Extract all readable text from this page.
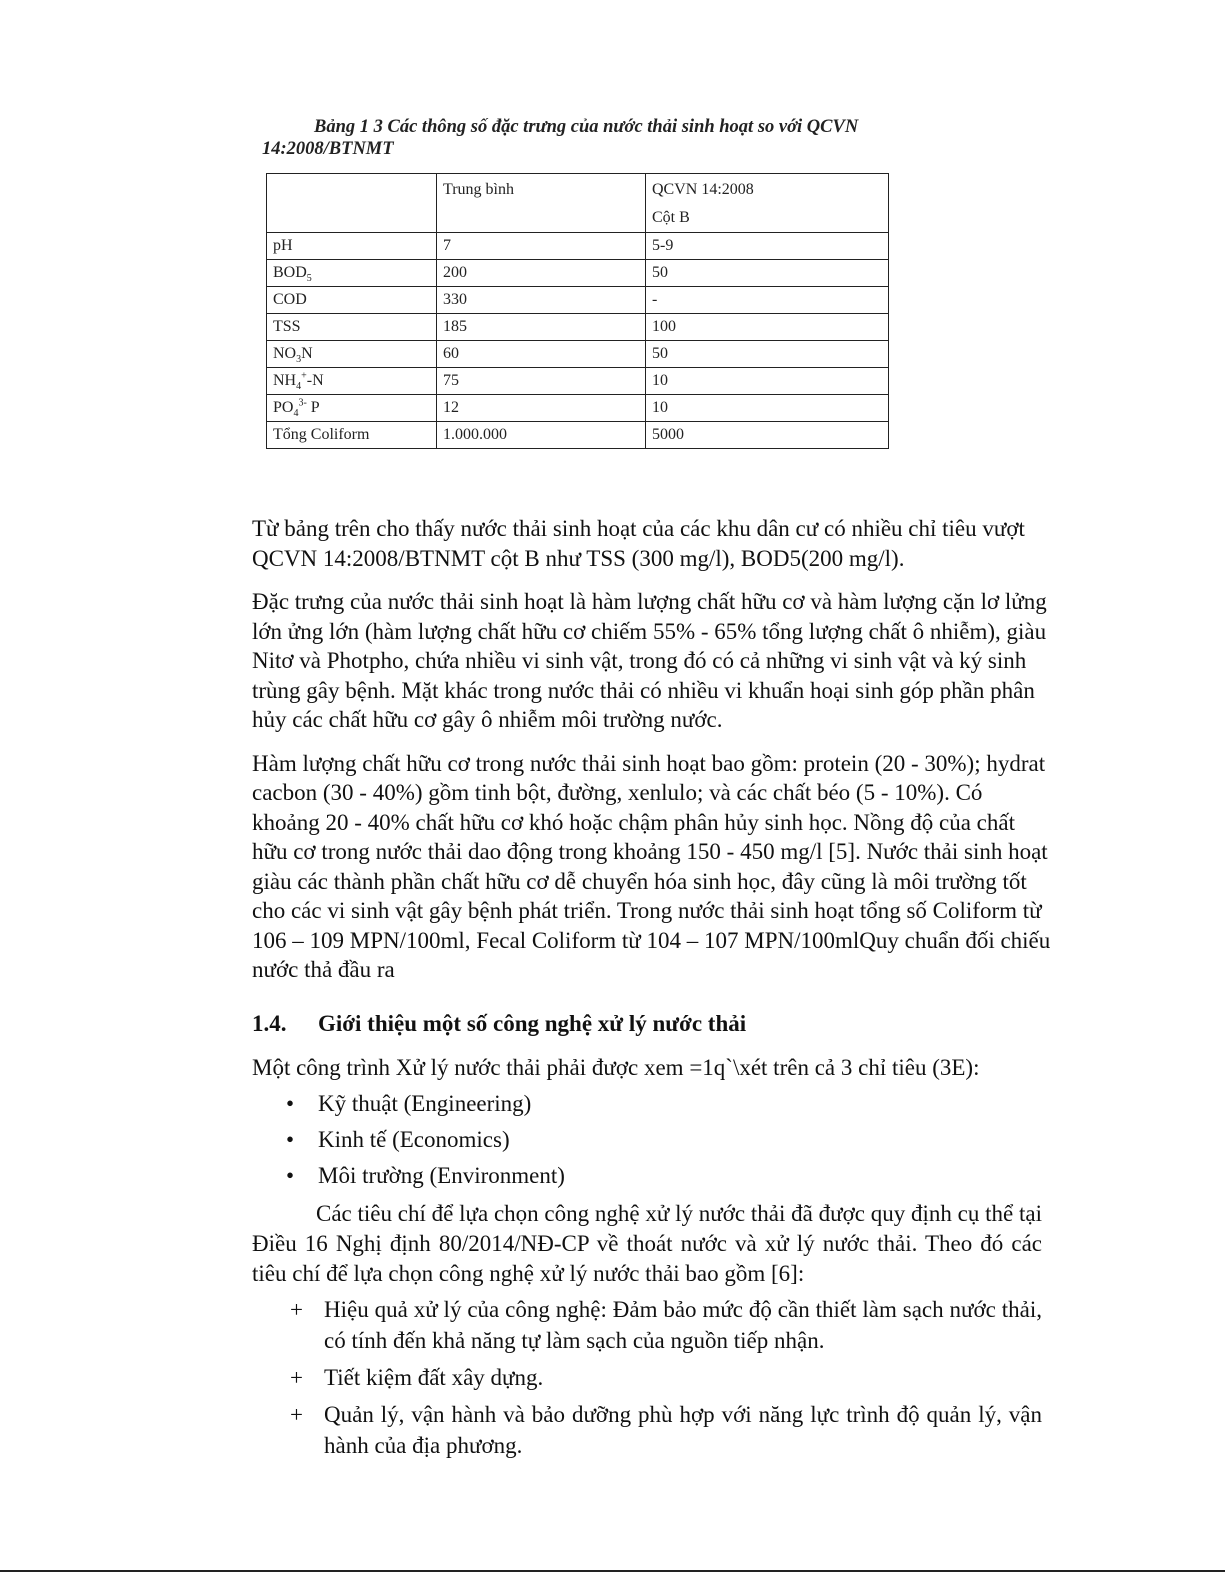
Bảng 1 3 Các thông số đặc trưng của nước thải sinh hoạt so với QCVN
14:2008/BTNMT
	Trung bình	QCVN 14:2008
Cột B

pH	7	5-9
$BOD_5$	200	50
COD	330	-
TSS	185	100
$NO_3N$	60	50
$NH_4^+-N$	75	10
$PO_4^{3-}$ P	12	10
Tổng Coliform	1.000.000	5000

Từ bảng trên cho thấy nước thải sinh hoạt của các khu dân cư có nhiều chỉ tiêu vượt QCVN 14:2008/BTNMT cột B như TSS (300 mg/l), BOD5(200 mg/l).

Đặc trưng của nước thải sinh hoạt là hàm lượng chất hữu cơ và hàm lượng cặn lơ lửng lớn ửng lớn (hàm lượng chất hữu cơ chiếm 55% - 65% tổng lượng chất ô nhiễm), giàu Nitơ và Photpho, chứa nhiều vi sinh vật, trong đó có cả những vi sinh vật và ký sinh trùng gây bệnh. Mặt khác trong nước thải có nhiều vi khuẩn hoại sinh góp phần phân hủy các chất hữu cơ gây ô nhiễm môi trường nước.

Hàm lượng chất hữu cơ trong nước thải sinh hoạt bao gồm: protein (20 - 30%); hydrat cacbon (30 - 40%) gồm tinh bột, đường, xenlulo; và các chất béo (5 - 10%). Có khoảng 20 - 40% chất hữu cơ khó hoặc chậm phân hủy sinh học. Nồng độ của chất hữu cơ trong nước thải dao động trong khoảng 150 - 450 mg/l [5]. Nước thải sinh hoạt giàu các thành phần chất hữu cơ dễ chuyển hóa sinh học, đây cũng là môi trường tốt cho các vi sinh vật gây bệnh phát triển. Trong nước thải sinh hoạt tổng số Coliform từ 106 – 109 MPN/100ml, Fecal Coliform từ 104 – 107 MPN/100mlQuy chuẩn đối chiếu nước thả đầu ra

1.4. Giới thiệu một số công nghệ xử lý nước thải
Một công trình Xử lý nước thải phải được xem =1q`\xét trên cả 3 chỉ tiêu (3E):
• Kỹ thuật (Engineering)
• Kinh tế (Economics)
• Môi trường (Environment)
Các tiêu chí để lựa chọn công nghệ xử lý nước thải đã được quy định cụ thể tại Điều 16 Nghị định 80/2014/NĐ-CP về thoát nước và xử lý nước thải. Theo đó các tiêu chí để lựa chọn công nghệ xử lý nước thải bao gồm [6]:
+ Hiệu quả xử lý của công nghệ: Đảm bảo mức độ cần thiết làm sạch nước thải, có tính đến khả năng tự làm sạch của nguồn tiếp nhận.
+ Tiết kiệm đất xây dựng.
+ Quản lý, vận hành và bảo dưỡng phù hợp với năng lực trình độ quản lý, vận hành của địa phương.
